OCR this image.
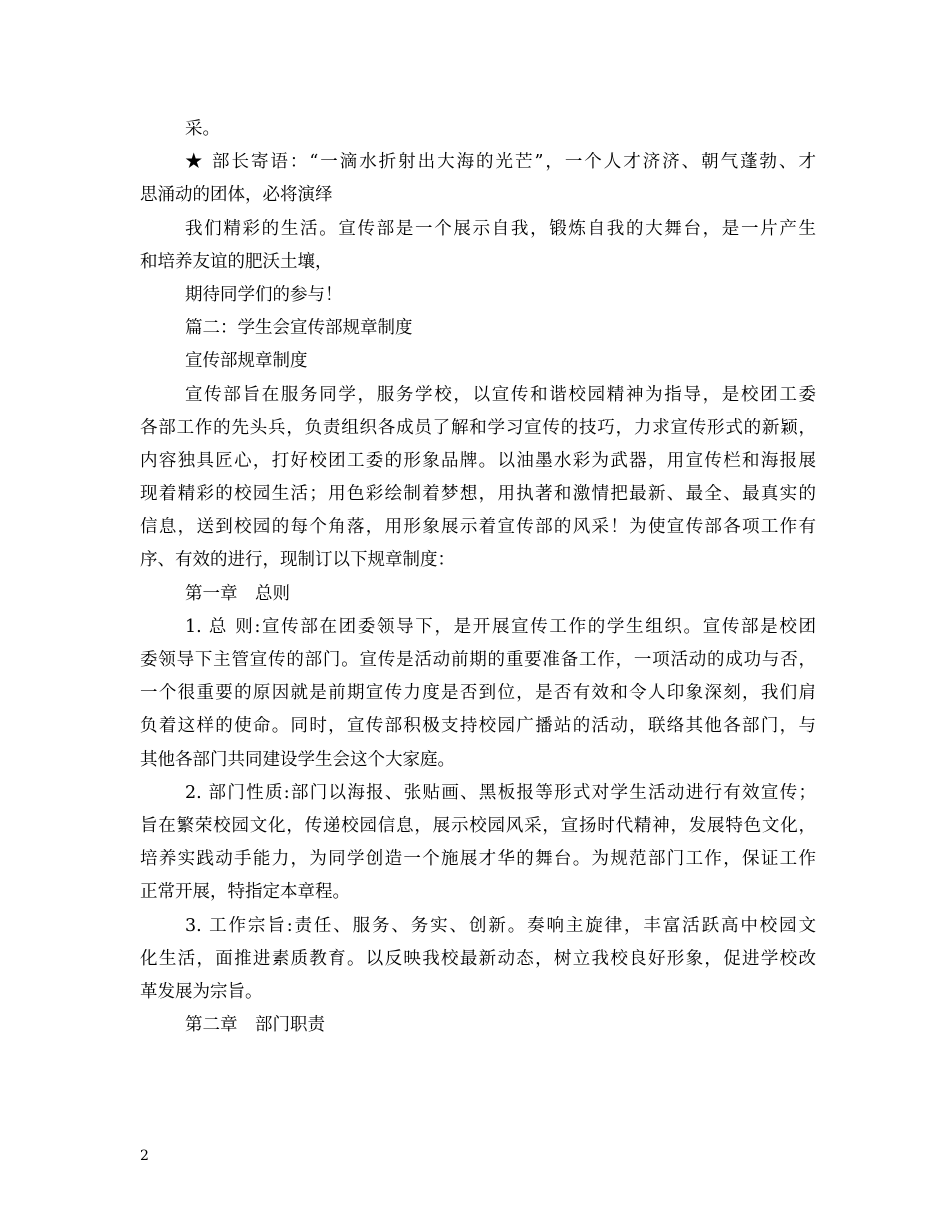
采。
★ 部长寄语：“一滴水折射出大海的光芒”，一个人才济济、朝气蓬勃、才
思涌动的团体，必将演绎
我们精彩的生活。宣传部是一个展示自我，锻炼自我的大舞台，是一片产生
和培养友谊的肥沃土壤，
期待同学们的参与！
篇二：学生会宣传部规章制度
宣传部规章制度
宣传部旨在服务同学，服务学校，以宣传和谐校园精神为指导，是校团工委
各部工作的先头兵，负责组织各成员了解和学习宣传的技巧，力求宣传形式的新颖，
内容独具匠心，打好校团工委的形象品牌。以油墨水彩为武器，用宣传栏和海报展
现着精彩的校园生活；用色彩绘制着梦想，用执著和激情把最新、最全、最真实的
信息，送到校园的每个角落，用形象展示着宣传部的风采！为使宣传部各项工作有
序、有效的进行，现制订以下规章制度：
第一章　总则
1. 总 则:宣传部在团委领导下，是开展宣传工作的学生组织。宣传部是校团
委领导下主管宣传的部门。宣传是活动前期的重要准备工作，一项活动的成功与否，
一个很重要的原因就是前期宣传力度是否到位，是否有效和令人印象深刻，我们肩
负着这样的使命。同时，宣传部积极支持校园广播站的活动，联络其他各部门，与
其他各部门共同建设学生会这个大家庭。
2. 部门性质:部门以海报、张贴画、黑板报等形式对学生活动进行有效宣传；
旨在繁荣校园文化，传递校园信息，展示校园风采，宣扬时代精神，发展特色文化，
培养实践动手能力，为同学创造一个施展才华的舞台。为规范部门工作，保证工作
正常开展，特指定本章程。
3. 工作宗旨:责任、服务、务实、创新。奏响主旋律，丰富活跃高中校园文
化生活，面推进素质教育。以反映我校最新动态，树立我校良好形象，促进学校改
革发展为宗旨。
第二章　部门职责
2
